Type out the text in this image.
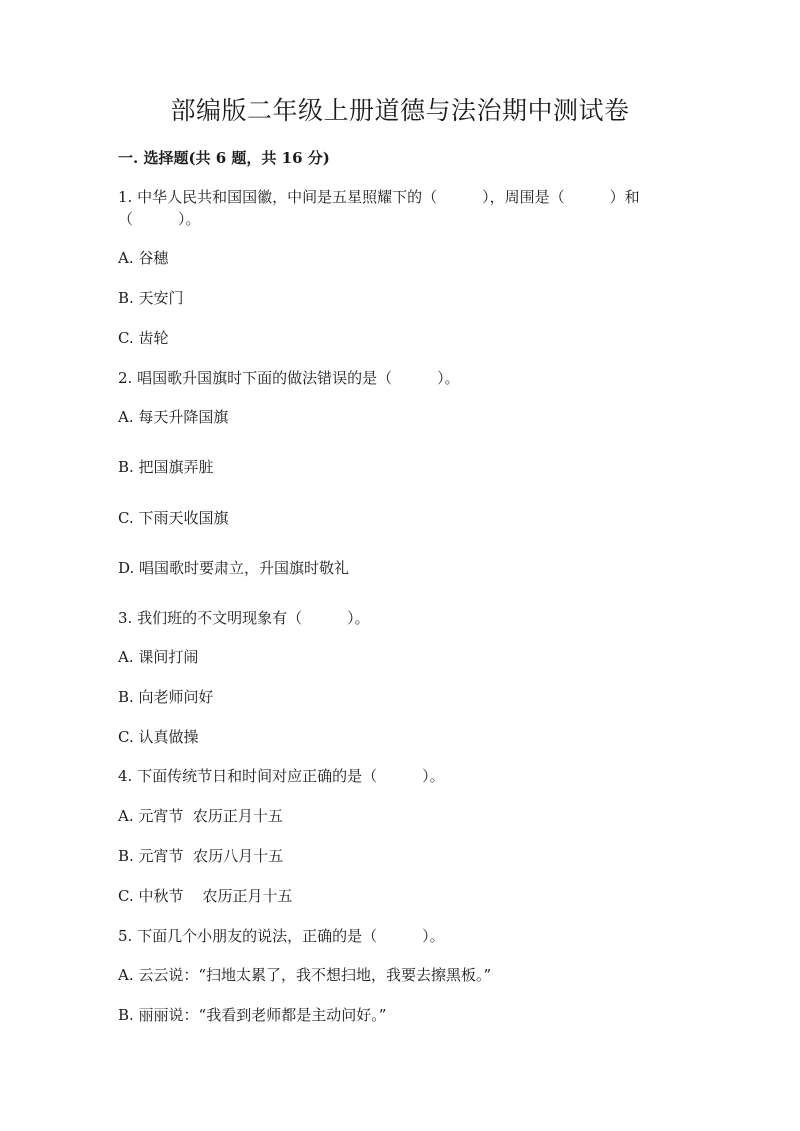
部编版二年级上册道德与法治期中测试卷
一. 选择题(共 6 题，共 16 分)
1. 中华人民共和国国徽，中间是五星照耀下的（　　　），周围是（　　　）和（　　　）。
A. 谷穗
B. 天安门
C. 齿轮
2. 唱国歌升国旗时下面的做法错误的是（　　　）。
A. 每天升降国旗
B. 把国旗弄脏
C. 下雨天收国旗
D. 唱国歌时要肃立，升国旗时敬礼
3. 我们班的不文明现象有（　　　）。
A. 课间打闹
B. 向老师问好
C. 认真做操
4. 下面传统节日和时间对应正确的是（　　　）。
A. 元宵节  农历正月十五
B. 元宵节  农历八月十五
C. 中秋节    农历正月十五
5. 下面几个小朋友的说法，正确的是（　　　）。
A. 云云说：“扫地太累了，我不想扫地，我要去擦黑板。”
B. 丽丽说：“我看到老师都是主动问好。”
